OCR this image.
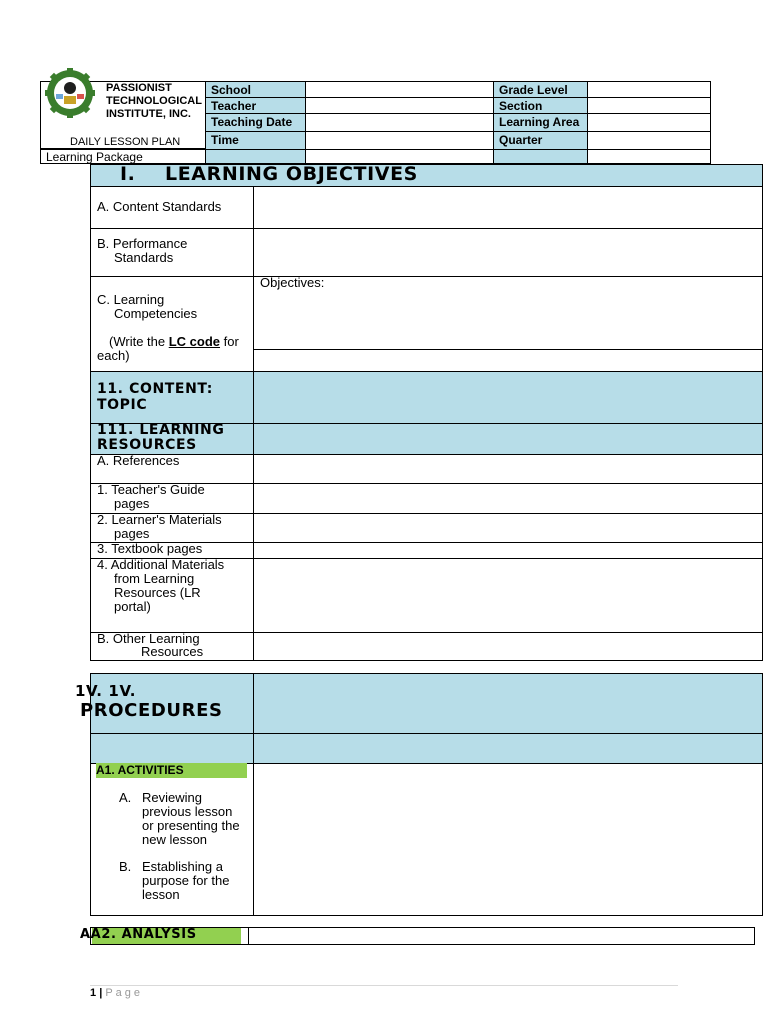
PASSIONIST
TECHNOLOGICAL
INSTITUTE, INC.
DAILY LESSON PLAN
Learning Package
School
Teacher
Teaching Date
Time
Grade Level
Section
Learning Area
Quarter
I. LEARNING OBJECTIVES
A. Content Standards
B. Performance
Standards
Objectives:
C. Learning
Competencies
(Write the LC code for
each)
11. CONTENT:
TOPIC
111. LEARNING
RESOURCES
A. References
1. Teacher's Guide
pages
2. Learner's Materials
pages
3. Textbook pages
4. Additional Materials
from Learning
Resources (LR
portal)
B. Other Learning
Resources
1V. 1V.
PROCEDURES
A1. ACTIVITIES
A. Reviewing
previous lesson
or presenting the
new lesson
B. Establishing a
purpose for the
lesson
AA2. ANALYSIS
1 | Page
